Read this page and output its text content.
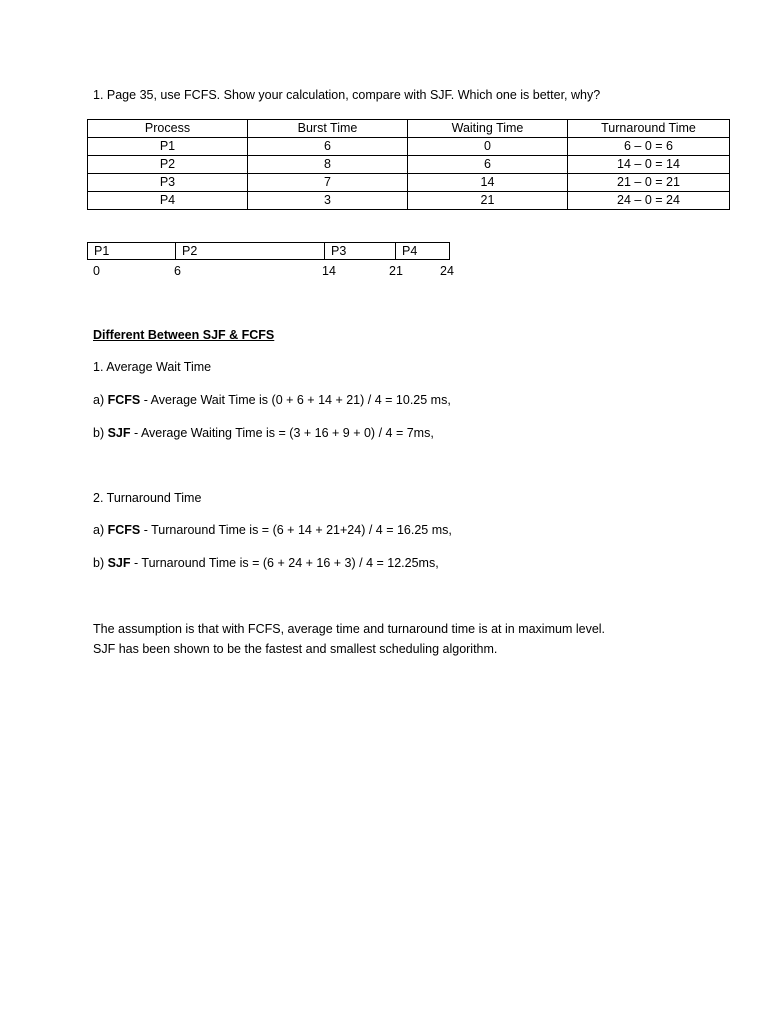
1. Page 35, use FCFS. Show your calculation, compare with SJF. Which one is better, why?
Process	Burst Time	Waiting Time	Turnaround Time
P1	6	0	6 – 0 = 6
P2	8	6	14 – 0 = 14
P3	7	14	21 – 0 = 21
P4	3	21	24 – 0 = 24
P1	P2	P3	P4
0	6	14	21	24
Different Between SJF & FCFS
1. Average Wait Time
a) FCFS - Average Wait Time is (0 + 6 + 14 + 21) / 4 = 10.25 ms,
b) SJF - Average Waiting Time is = (3 + 16 + 9 + 0) / 4 = 7ms,
2. Turnaround Time
a) FCFS - Turnaround Time is = (6 + 14 + 21+24) / 4 = 16.25 ms,
b) SJF - Turnaround Time is = (6 + 24 + 16 + 3) / 4 = 12.25ms,
The assumption is that with FCFS, average time and turnaround time is at in maximum level.
SJF has been shown to be the fastest and smallest scheduling algorithm.
